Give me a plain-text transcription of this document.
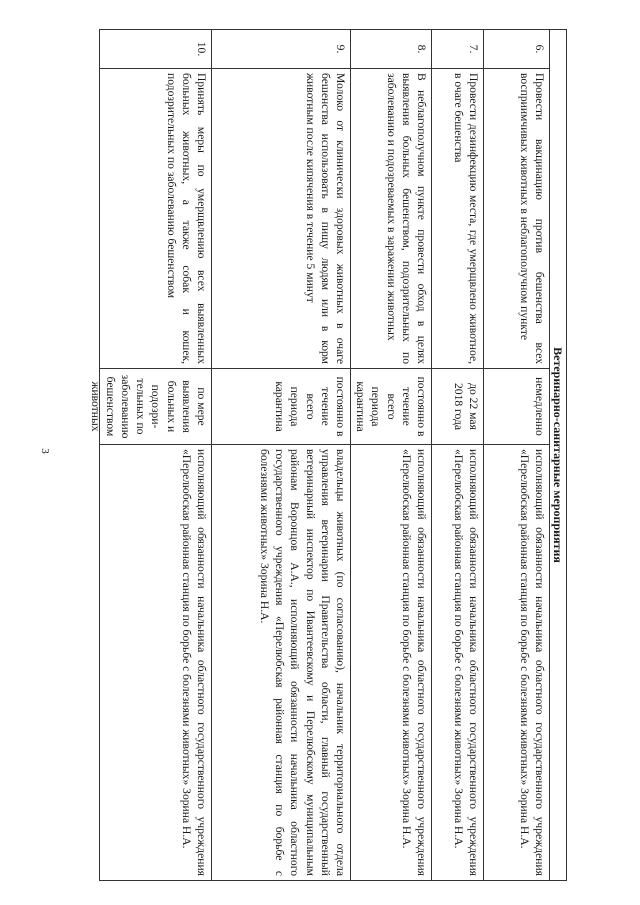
3	Ветеринарно-санитарные мероприятия
6.
Провести вакцинацию против бешенства всех восприимчивых животных в неблагополучном пункте
немедленно
исполняющий обязанности начальника областного государственного учреждения «Перелюбская районная станция по борьбе с болезнями животных» Зорина Н.А.
7.
Провести дезинфекцию места, где умерщвлено животное, в очаге бешенства
до 22 мая 2018 года
исполняющий обязанности начальника областного государственного учреждения «Перелюбская районная станция по борьбе с болезнями животных» Зорина Н.А.
8.
В неблагополучном пункте провести обход в целях выявления больных бешенством, подозрительных по заболеванию и подозреваемых в заражении животных
постоянно в течение всего периода карантина
исполняющий обязанности начальника областного государственного учреждения «Перелюбская районная станция по борьбе с болезнями животных» Зорина Н.А.
9.
Молоко от клинически здоровых животных в очаге бешенства использовать в пищу людям или в корм животным после кипячения в течение 5 минут
постоянно в течение всего периода карантина
владельцы животных (по согласованию), начальник территориального отдела управления ветеринарии Правительства области, главный государственный ветеринарный инспектор по Ивантеевскому и Перелюбскому муниципальным районам Воронцов А.А., исполняющий обязанности начальника областного государственного учреждения «Перелюбская районная станция по борьбе с болезнями животных» Зорина Н.А.
10.
Принять меры по умерщвлению всех выявленных больных животных, а также собак и кошек, подозрительных по заболеванию бешенством
по мере выявления больных и подозри-тельных по заболеванию бешенством животных
исполняющий обязанности начальника областного государственного учреждения «Перелюбская районная станция по борьбе с болезнями животных» Зорина Н.А.
